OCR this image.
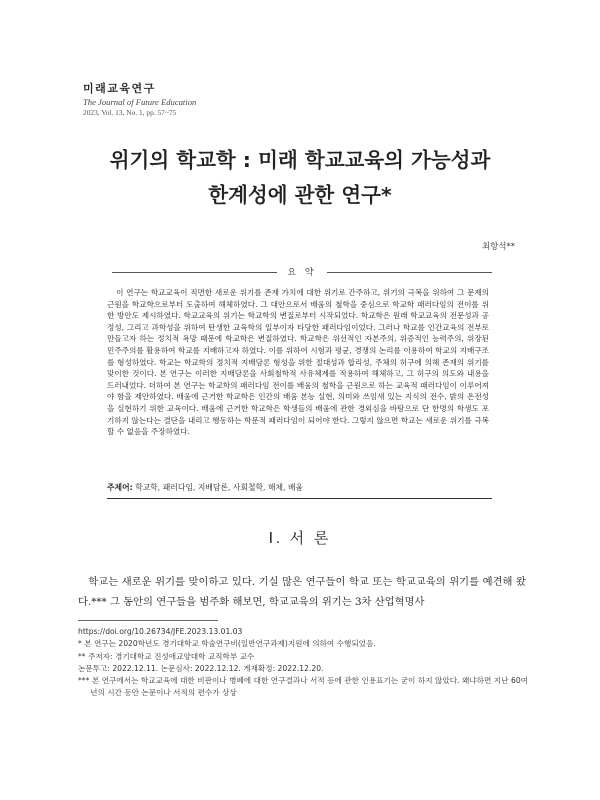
미래교육연구
The Journal of Future Education
2023, Vol. 13, No. 1, pp. 57~75
위기의 학교학 : 미래 학교교육의 가능성과
한계성에 관한 연구*
최항석**
요 약

이 연구는 학교교육이 직면한 새로운 위기를 존재 가치에 대한 위기로 간주하고, 위기의 극복을 위하여 그 문제의 근원을 학교학으로부터 도출하여 해체하였다. 그 대안으로서 배움의 철학을 중심으로 학교학 패러다임의 전이를 위한 방안도 제시하였다. 학교교육의 위기는 학교학의 변질로부터 시작되었다. 학교학은 원래 학교교육의 전문성과 공정성, 그리고 과학성을 위하여 탄생한 교육학의 일부이자 타당한 패러다임이었다. 그러나 학교를 인간교육의 전부로 만들고자 하는 정치적 욕망 때문에 학교학은 변질하였다. 학교학은 위선적인 자본주의, 위증적인 능력주의, 위장된 민주주의를 활용하여 학교를 지배하고자 하였다. 이를 위하여 시험과 평균, 경쟁의 논리를 이용하여 학교의 지배구조를 형성하였다. 학교는 학교학의 정치적 지배담론 형성을 위한 절대성과 합리성, 주체의 허구에 의해 존재의 위기를 맞이한 것이다. 본 연구는 이러한 지배담론을 사회철학적 사유체계를 적용하여 해체하고, 그 허구의 의도와 내용을 드러내었다. 더하여 본 연구는 학교학의 패러다임 전이를 배움의 철학을 근원으로 하는 교육적 패러다임이 이루어져야 함을 제안하였다. 배움에 근거한 학교학은 인간의 배움 본능 실현, 의미와 쓰임새 있는 지식의 전수, 밝의 온전성을 실현하기 위한 교육이다. 배움에 근거한 학교학은 학생들의 배움에 관한 경외심을 바탕으로 단 한명의 학생도 포기하지 않는다는 결단을 내리고 행동하는 학문적 패러다임이 되어야 한다. 그렇지 않으면 학교는 새로운 위기를 극복할 수 없음을 주장하였다.

주제어: 학교학, 패러다임, 지배담론, 사회철학, 해체, 배움
Ⅰ. 서 론

학교는 새로운 위기를 맞이하고 있다. 기실 많은 연구들이 학교 또는 학교교육의 위기를 예견해 왔다.*** 그 동안의 연구들을 범주화 해보면, 학교교육의 위기는 3차 산업혁명사

https://doi.org/10.26734/JFE.2023.13.01.03

* 본 연구는 2020학년도 경기대학교 학술연구비(일반연구과제)지원에 의하여 수행되었음.

** 주저자: 경기대학교 진성애교양대학 교직학부 교수

논문투고: 2022.12.11. 논문심사: 2022.12.12. 게재확정: 2022.12.20.

*** 본 연구에서는 학교교육에 대한 비판이나 병폐에 대한 연구결과나 서적 등에 관한 인용표기는 굳이 하지 않았다. 왜냐하면 지난 60여년의 시간 동안 논문이나 서적의 편수가 상상
